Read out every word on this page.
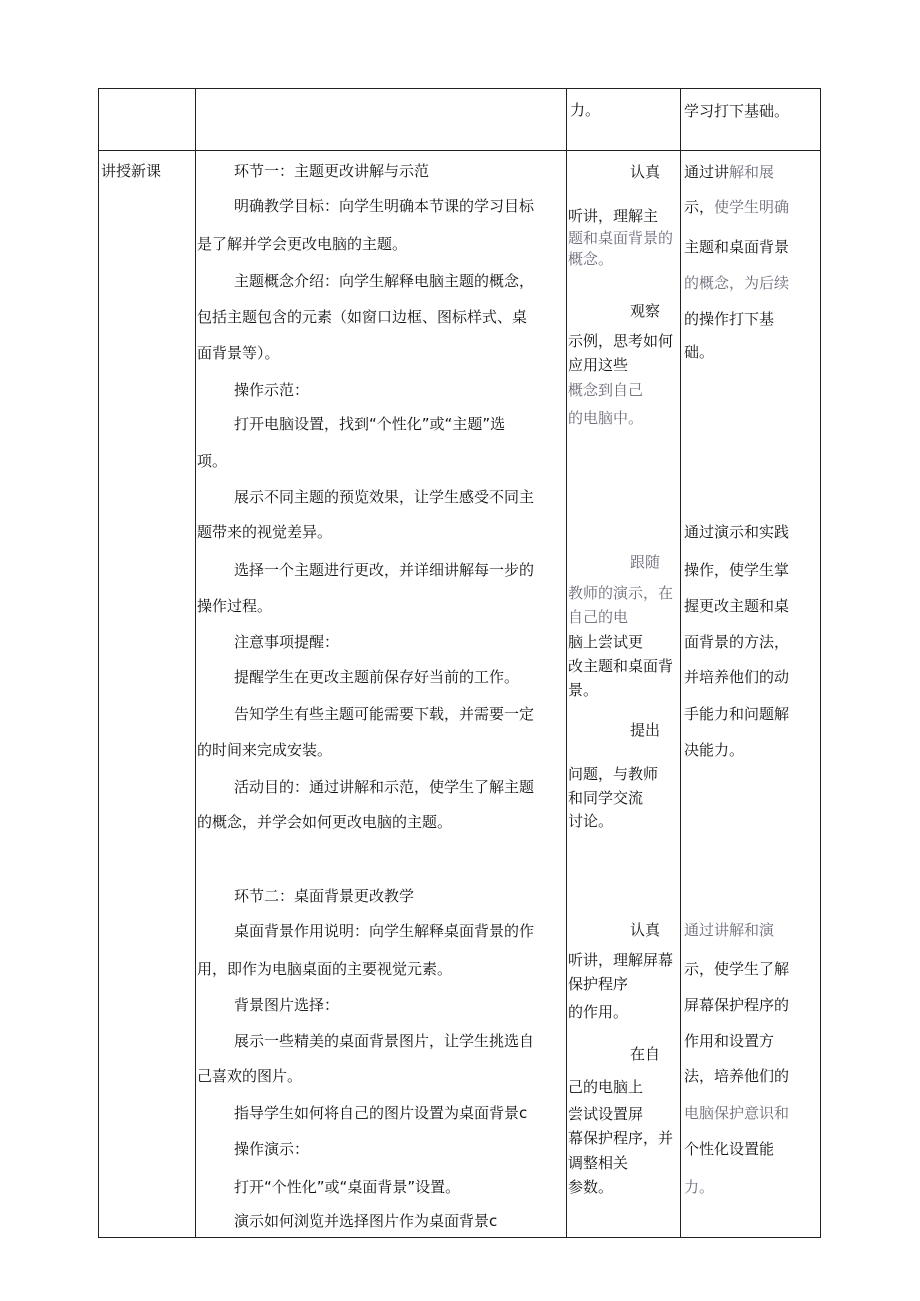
力。	学习打下基础。
讲授新课	环节一：主题更改讲解与示范
明确教学目标：向学生明确本节课的学习目标
是了解并学会更改电脑的主题。
主题概念介绍：向学生解释电脑主题的概念，
包括主题包含的元素（如窗口边框、图标样式、桌
面背景等）。
操作示范：
打开电脑设置，找到“个性化”或“主题”选
项。
展示不同主题的预览效果，让学生感受不同主
题带来的视觉差异。
选择一个主题进行更改，并详细讲解每一步的
操作过程。
注意事项提醒：
提醒学生在更改主题前保存好当前的工作。
告知学生有些主题可能需要下载，并需要一定
的时间来完成安装。
活动目的：通过讲解和示范，使学生了解主题
的概念，并学会如何更改电脑的主题。
环节二：桌面背景更改教学
桌面背景作用说明：向学生解释桌面背景的作
用，即作为电脑桌面的主要视觉元素。
背景图片选择：
展示一些精美的桌面背景图片，让学生挑选自
己喜欢的图片。
指导学生如何将自己的图片设置为桌面背景c
操作演示：
打开“个性化”或“桌面背景”设置。
演示如何浏览并选择图片作为桌面背景c
认真
听讲，理解主
题和桌面背景的
概念。
观察
示例，思考如何
应用这些
概念到自己
的电脑中。
跟随
教师的演示，在
自己的电
脑上尝试更
改主题和桌面背
景。
提出
问题，与教师
和同学交流
讨论。
认真
听讲，理解屏幕
保护程序
的作用。
在自
己的电脑上
尝试设置屏
幕保护程序，并
调整相关
参数。
通过讲 解和展
示， 使学生明确
主题和桌面背景
的概念，为后续
的操作打下基
础。
通过演示和实践
操作，使学生掌
握更改主题和桌
面背景的方法，
并培养他们的动
手能力和问题解
决能力。
通过讲解和演
示，使学生了解
屏幕保护程序的
作用和设置方
法，培养他们的
电脑保护意识和
个性化设置能
力。
